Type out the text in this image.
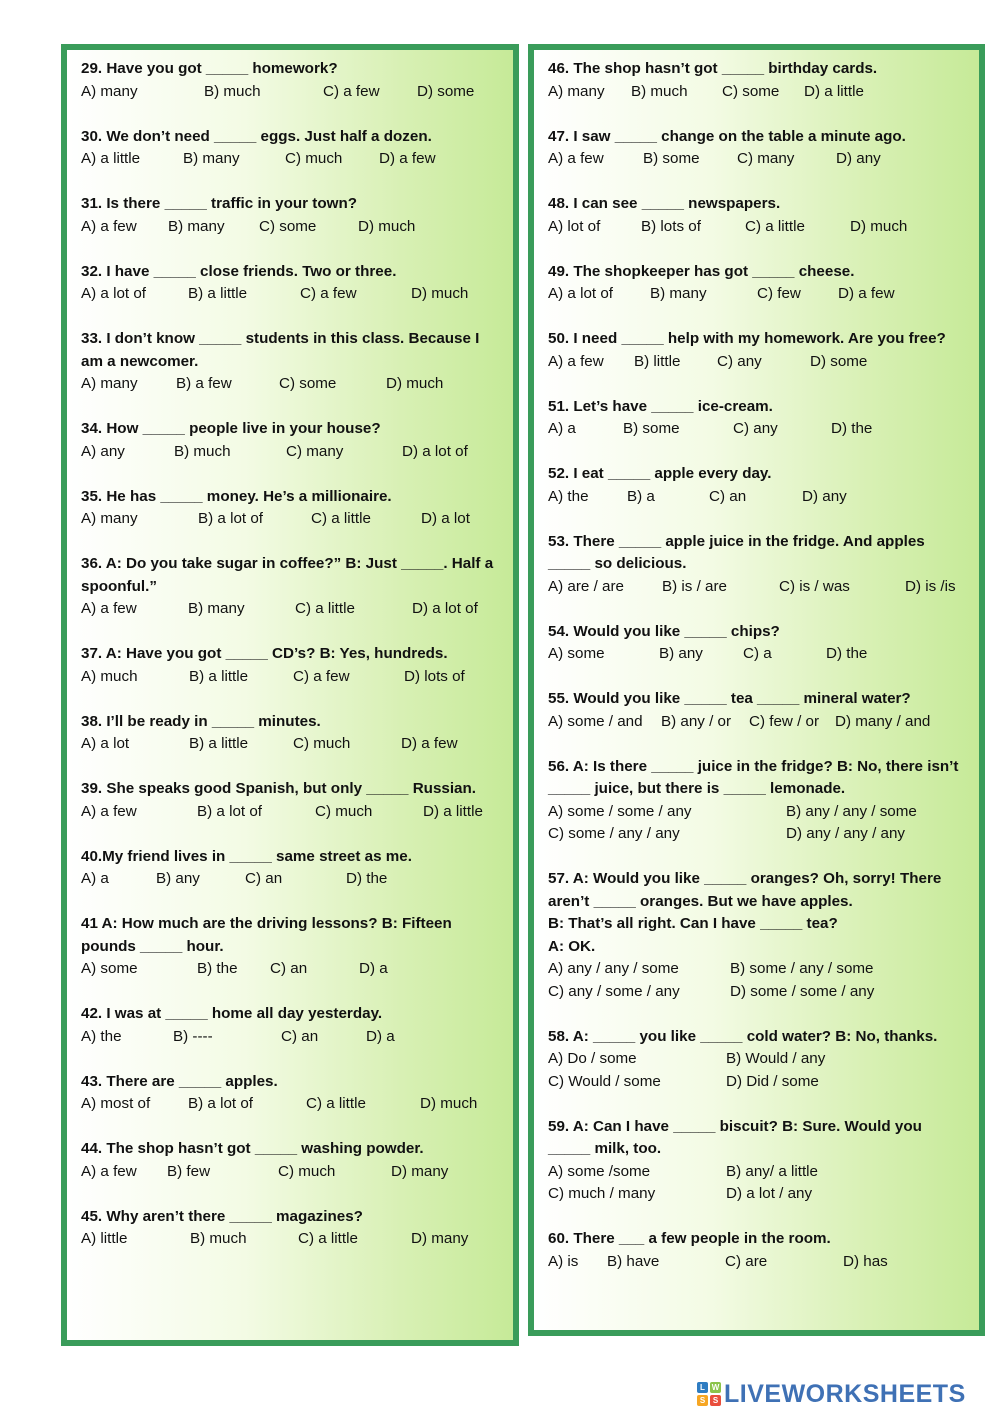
29. Have you got _____ homework?

A) many	B) much	C) a few	D) some

30. We don’t need _____ eggs. Just half a dozen.

A) a little	B) many	C) much	D) a few

31. Is there _____ traffic in your town?

A) a few	B) many	C) some	D) much

32. I have _____ close friends. Two or three.

A) a lot of	B) a little	C) a few	D) much

33. I don’t know _____ students in this class. Because I am a newcomer.

A) many	B) a few	C) some	D) much

34. How _____ people live in your house?

A) any	B) much	C) many	D) a lot of

35. He has _____ money. He’s a millionaire.

A) many	B) a lot of	C) a little	D) a lot

36. A: Do you take sugar in coffee?” B: Just _____. Half a spoonful.”

A) a few	B) many	C) a little	D) a lot of

37. A: Have you got _____ CD’s? B: Yes, hundreds.

A) much	B) a little	C) a few	D) lots of

38. I’ll be ready in _____ minutes.

A) a lot	B) a little	C) much	D) a few

39. She speaks good Spanish, but only _____ Russian.

A) a few	B) a lot of	C) much	D) a little

40.My friend lives in _____ same street as me.

A) a	B) any	C) an	D) the

41 A: How much are the driving lessons? B: Fifteen pounds _____ hour.

A) some	B) the	C) an	D) a

42. I was at _____ home all day yesterday.

A) the	B) ----	C) an	D) a

43. There are _____ apples.

A) most of	B) a lot of	C) a little	D) much

44. The shop hasn’t got _____ washing powder.

A) a few	B) few	C) much	D) many

45. Why aren’t there _____ magazines?

A) little	B) much	C) a little	D) many

46. The shop hasn’t got _____ birthday cards.

A) many	B) much	C) some	D) a little

47. I saw _____ change on the table a minute ago.

A) a few	B) some	C) many	D) any

48. I can see _____ newspapers.

A) lot of	B) lots of	C) a little	D) much

49. The shopkeeper has got _____ cheese.

A) a lot of	B) many	C) few	D) a few

50. I need _____ help with my homework. Are you free?

A) a few	B) little	C) any	D) some

51. Let’s have _____ ice-cream.

A) a	B) some	C) any	D) the

52. I eat _____ apple every day.

A) the	B) a	C) an	D) any

53. There _____ apple juice in the fridge. And apples _____ so delicious.

A) are / are	B) is / are	C) is / was	D) is /is

54. Would you like _____ chips?

A) some	B) any	C) a	D) the

55. Would you like _____ tea _____ mineral water?

A) some / and	B) any / or	C) few / or	D) many / and

56. A: Is there _____ juice in the fridge? B: No, there isn’t _____ juice, but there is _____ lemonade.

A) some / some / any	B) any / any / some
C) some / any / any	D) any / any / any

57. A: Would you like _____ oranges? Oh, sorry! There aren’t _____ oranges. But we have apples.

B: That’s all right. Can I have _____ tea?

A: OK.

A) any / any / some	B) some / any / some
C) any / some / any	D) some / some / any

58. A: _____ you like _____ cold water? B: No, thanks.

A) Do / some	B) Would / any
C) Would / some	D) Did / some

59. A: Can I have _____ biscuit? B: Sure. Would you _____ milk, too.

A) some /some	B) any/ a little
C) much / many	D) a lot / any

60. There ___ a few people in the room.

A) is	B) have	C) are	D) has
L W
S S LIVEWORKSHEETS
